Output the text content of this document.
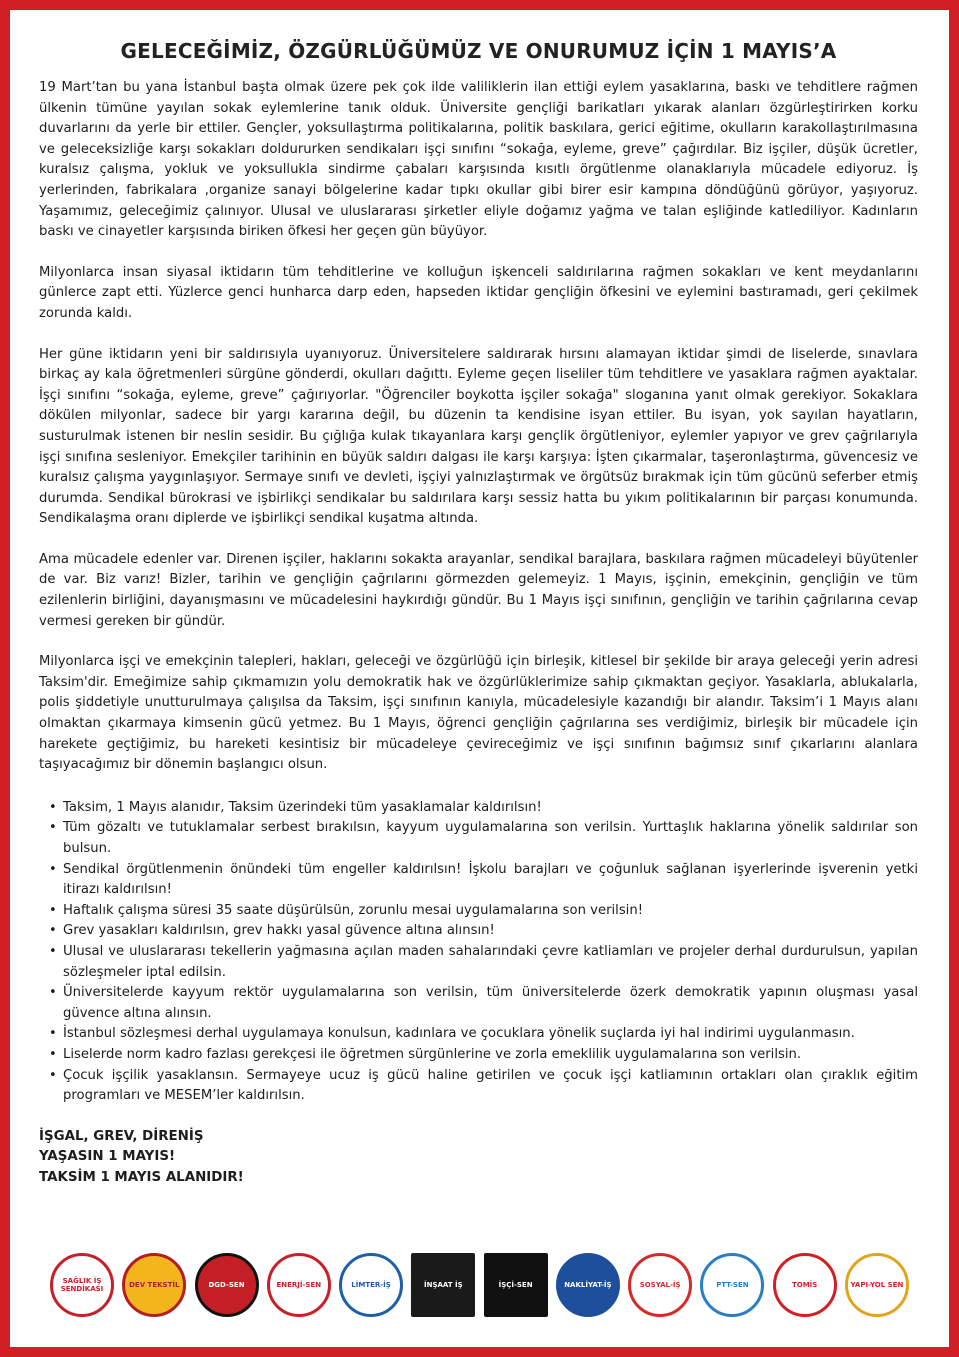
GELECEĞİMİZ, ÖZGÜRLÜĞÜMÜZ VE ONURUMUZ İÇİN 1 MAYIS’A

19 Mart’tan bu yana İstanbul başta olmak üzere pek çok ilde valiliklerin ilan ettiği eylem yasaklarına, baskı ve tehditlere rağmen ülkenin tümüne yayılan sokak eylemlerine tanık olduk. Üniversite gençliği barikatları yıkarak alanları özgürleştirirken korku duvarlarını da yerle bir ettiler. Gençler, yoksullaştırma politikalarına, politik baskılara, gerici eğitime, okulların karakollaştırılmasına ve geleceksizliğe karşı sokakları doldururken sendikaları işçi sınıfını “sokağa, eyleme, greve” çağırdılar. Biz işçiler, düşük ücretler, kuralsız çalışma, yokluk ve yoksullukla sindirme çabaları karşısında kısıtlı örgütlenme olanaklarıyla mücadele ediyoruz. İş yerlerinden, fabrikalara ,organize sanayi bölgelerine kadar tıpkı okullar gibi birer esir kampına döndüğünü görüyor, yaşıyoruz. Yaşamımız, geleceğimiz çalınıyor. Ulusal ve uluslararası şirketler eliyle doğamız yağma ve talan eşliğinde katlediliyor. Kadınların baskı ve cinayetler karşısında biriken öfkesi her geçen gün büyüyor.

Milyonlarca insan siyasal iktidarın tüm tehditlerine ve kolluğun işkenceli saldırılarına rağmen sokakları ve kent meydanlarını günlerce zapt etti. Yüzlerce genci hunharca darp eden, hapseden iktidar gençliğin öfkesini ve eylemini bastıramadı, geri çekilmek zorunda kaldı.

Her güne iktidarın yeni bir saldırısıyla uyanıyoruz. Üniversitelere saldırarak hırsını alamayan iktidar şimdi de liselerde, sınavlara birkaç ay kala öğretmenleri sürgüne gönderdi, okulları dağıttı. Eyleme geçen liseliler tüm tehditlere ve yasaklara rağmen ayaktalar. İşçi sınıfını “sokağa, eyleme, greve” çağırıyorlar. "Öğrenciler boykotta işçiler sokağa" sloganına yanıt olmak gerekiyor. Sokaklara dökülen milyonlar, sadece bir yargı kararına değil, bu düzenin ta kendisine isyan ettiler. Bu isyan, yok sayılan hayatların, susturulmak istenen bir neslin sesidir. Bu çığlığa kulak tıkayanlara karşı gençlik örgütleniyor, eylemler yapıyor ve grev çağrılarıyla işçi sınıfına sesleniyor. Emekçiler tarihinin en büyük saldırı dalgası ile karşı karşıya: İşten çıkarmalar, taşeronlaştırma, güvencesiz ve kuralsız çalışma yaygınlaşıyor. Sermaye sınıfı ve devleti, işçiyi yalnızlaştırmak ve örgütsüz bırakmak için tüm gücünü seferber etmiş durumda. Sendikal bürokrasi ve işbirlikçi sendikalar bu saldırılara karşı sessiz hatta bu yıkım politikalarının bir parçası konumunda. Sendikalaşma oranı diplerde ve işbirlikçi sendikal kuşatma altında.

Ama mücadele edenler var. Direnen işçiler, haklarını sokakta arayanlar, sendikal barajlara, baskılara rağmen mücadeleyi büyütenler de var. Biz varız! Bizler, tarihin ve gençliğin çağrılarını görmezden gelemeyiz. 1 Mayıs, işçinin, emekçinin, gençliğin ve tüm ezilenlerin birliğini, dayanışmasını ve mücadelesini haykırdığı gündür. Bu 1 Mayıs işçi sınıfının, gençliğin ve tarihin çağrılarına cevap vermesi gereken bir gündür.

Milyonlarca işçi ve emekçinin talepleri, hakları, geleceği ve özgürlüğü için birleşik, kitlesel bir şekilde bir araya geleceği yerin adresi Taksim'dir. Emeğimize sahip çıkmamızın yolu demokratik hak ve özgürlüklerimize sahip çıkmaktan geçiyor. Yasaklarla, ablukalarla, polis şiddetiyle unutturulmaya çalışılsa da Taksim, işçi sınıfının kanıyla, mücadelesiyle kazandığı bir alandır. Taksim’i 1 Mayıs alanı olmaktan çıkarmaya kimsenin gücü yetmez. Bu 1 Mayıs, öğrenci gençliğin çağrılarına ses verdiğimiz, birleşik bir mücadele için harekete geçtiğimiz, bu hareketi kesintisiz bir mücadeleye çevireceğimiz ve işçi sınıfının bağımsız sınıf çıkarlarını alanlara taşıyacağımız bir dönemin başlangıcı olsun.

• Taksim, 1 Mayıs alanıdır, Taksim üzerindeki tüm yasaklamalar kaldırılsın!
• Tüm gözaltı ve tutuklamalar serbest bırakılsın, kayyum uygulamalarına son verilsin. Yurttaşlık haklarına yönelik saldırılar son bulsun.
• Sendikal örgütlenmenin önündeki tüm engeller kaldırılsın! İşkolu barajları ve çoğunluk sağlanan işyerlerinde işverenin yetki itirazı kaldırılsın!
• Haftalık çalışma süresi 35 saate düşürülsün, zorunlu mesai uygulamalarına son verilsin!
• Grev yasakları kaldırılsın, grev hakkı yasal güvence altına alınsın!
• Ulusal ve uluslararası tekellerin yağmasına açılan maden sahalarındaki çevre katliamları ve projeler derhal durdurulsun, yapılan sözleşmeler iptal edilsin.
• Üniversitelerde kayyum rektör uygulamalarına son verilsin, tüm üniversitelerde özerk demokratik yapının oluşması yasal güvence altına alınsın.
• İstanbul sözleşmesi derhal uygulamaya konulsun, kadınlara ve çocuklara yönelik suçlarda iyi hal indirimi uygulanmasın.
• Liselerde norm kadro fazlası gerekçesi ile öğretmen sürgünlerine ve zorla emeklilik uygulamalarına son verilsin.
• Çocuk işçilik yasaklansın. Sermayeye ucuz iş gücü haline getirilen ve çocuk işçi katliamının ortakları olan çıraklık eğitim programları ve MESEM’ler kaldırılsın.
İŞGAL, GREV, DİRENİŞ
YAŞASIN 1 MAYIS!
TAKSİM 1 MAYIS ALANIDIR!
SAĞLIK İŞ SENDİKASI	DEV TEKSTİL	DGD-SEN	ENERJİ-SEN	LİMTER-İŞ	İNŞAAT İŞ	İŞÇİ-SEN	NAKLİYAT-İŞ	SOSYAL-İŞ	PTT-SEN	TOMİS	YAPI-YOL SEN
